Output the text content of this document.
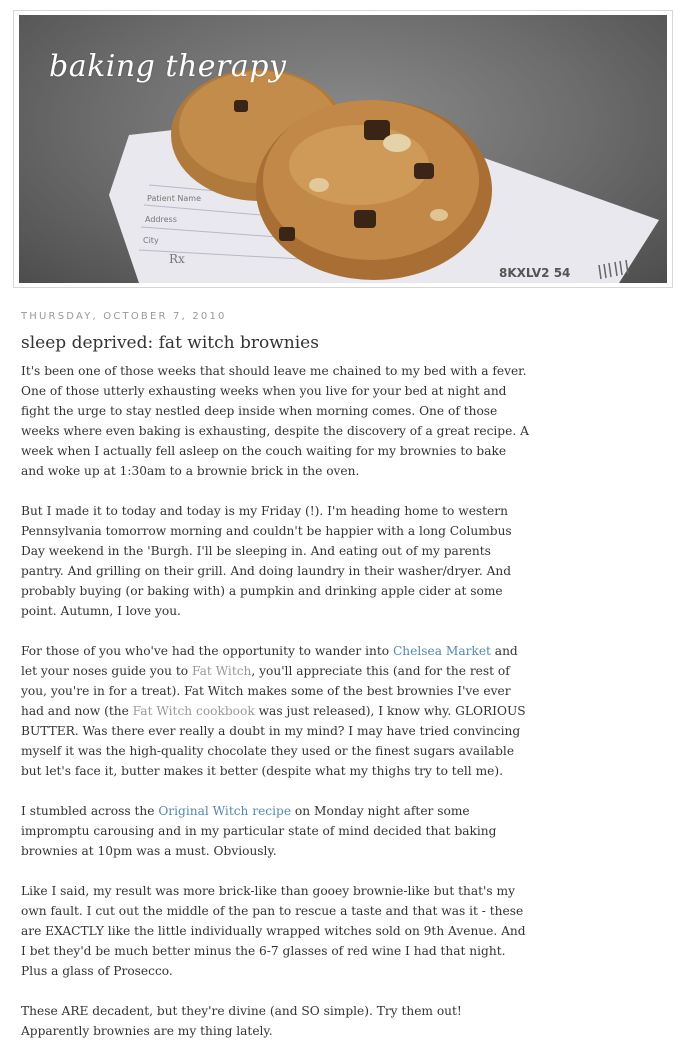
Patient Name
Address
City
Rx
8KXLV2 54
baking therapy
THURSDAY, OCTOBER 7, 2010
sleep deprived: fat witch brownies

It's been one of those weeks that should leave me chained to my bed with a fever. One of those utterly exhausting weeks when you live for your bed at night and fight the urge to stay nestled deep inside when morning comes. One of those weeks where even baking is exhausting, despite the discovery of a great recipe. A week when I actually fell asleep on the couch waiting for my brownies to bake and woke up at 1:30am to a brownie brick in the oven.

But I made it to today and today is my Friday (!). I'm heading home to western Pennsylvania tomorrow morning and couldn't be happier with a long Columbus Day weekend in the 'Burgh. I'll be sleeping in. And eating out of my parents pantry. And grilling on their grill. And doing laundry in their washer/dryer. And probably buying (or baking with) a pumpkin and drinking apple cider at some point. Autumn, I love you.

For those of you who've had the opportunity to wander into Chelsea Market and let your noses guide you to Fat Witch, you'll appreciate this (and for the rest of you, you're in for a treat). Fat Witch makes some of the best brownies I've ever had and now (the Fat Witch cookbook was just released), I know why. GLORIOUS BUTTER. Was there ever really a doubt in my mind? I may have tried convincing myself it was the high-quality chocolate they used or the finest sugars available but let's face it, butter makes it better (despite what my thighs try to tell me).

I stumbled across the Original Witch recipe on Monday night after some impromptu carousing and in my particular state of mind decided that baking brownies at 10pm was a must. Obviously.

Like I said, my result was more brick-like than gooey brownie-like but that's my own fault. I cut out the middle of the pan to rescue a taste and that was it - these are EXACTLY like the little individually wrapped witches sold on 9th Avenue. And I bet they'd be much better minus the 6-7 glasses of red wine I had that night. Plus a glass of Prosecco.

These ARE decadent, but they're divine (and SO simple). Try them out! Apparently brownies are my thing lately.
